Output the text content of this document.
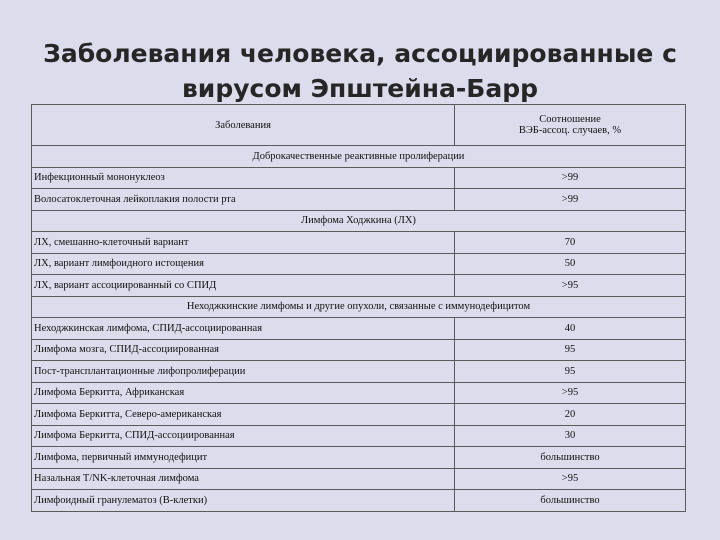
Заболевания человека, ассоциированные с
вирусом Эпштейна-Барр
Заболевания	Соотношение
ВЭБ-ассоц. случаев, %

Доброкачественные реактивные пролиферации	
Инфекционный мононуклеоз	>99
Волосатоклеточная лейкоплакия полости рта	>99
Лимфома Ходжкина (ЛХ)	
ЛХ, смешанно-клеточный вариант	70
ЛХ, вариант лимфоидного истощения	50
ЛХ, вариант ассоциированный со СПИД	>95
Неходжкинские лимфомы и другие опухоли, связанные с иммунодефицитом	
Неходжкинская лимфома, СПИД-ассоциированная	40
Лимфома мозга, СПИД-ассоциированная	95
Пост-трансплантационные лифопролиферации	95
Лимфома Беркитта, Африканская	>95
Лимфома Беркитта, Северо-американская	20
Лимфома Беркитта, СПИД-ассоциированная	30
Лимфома, первичный иммунодефицит	большинство
Назальная T/NK-клеточная лимфома	>95
Лимфоидный гранулематоз (B-клетки)	большинство
